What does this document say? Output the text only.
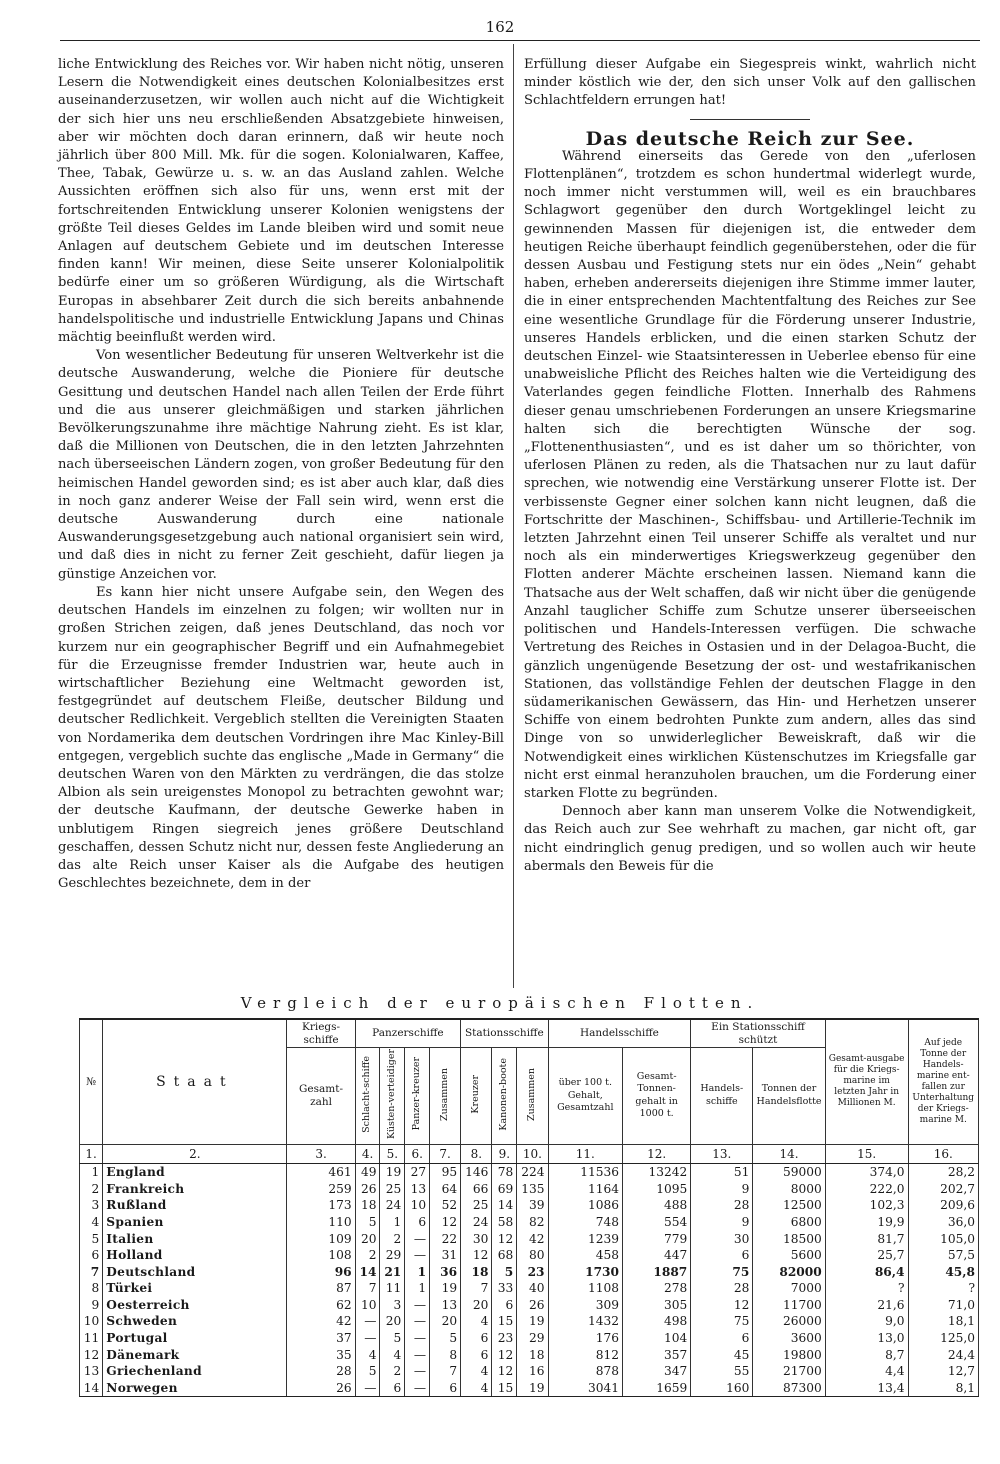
162

liche Entwicklung des Reiches vor. Wir haben nicht nötig, unseren Lesern die Notwendigkeit eines deutschen Kolonialbesitzes erst auseinanderzusetzen, wir wollen auch nicht auf die Wichtigkeit der sich hier uns neu erschließenden Absatzgebiete hinweisen, aber wir möchten doch daran erinnern, daß wir heute noch jährlich über 800 Mill. Mk. für die sogen. Kolonialwaren, Kaffee, Thee, Tabak, Gewürze u. s. w. an das Ausland zahlen. Welche Aussichten eröffnen sich also für uns, wenn erst mit der fortschreitenden Entwicklung unserer Kolonien wenigstens der größte Teil dieses Geldes im Lande bleiben wird und somit neue Anlagen auf deutschem Gebiete und im deutschen Interesse finden kann! Wir meinen, diese Seite unserer Kolonialpolitik bedürfe einer um so größeren Würdigung, als die Wirtschaft Europas in absehbarer Zeit durch die sich bereits anbahnende handelspolitische und industrielle Entwicklung Japans und Chinas mächtig beeinflußt werden wird.

Von wesentlicher Bedeutung für unseren Weltverkehr ist die deutsche Auswanderung, welche die Pioniere für deutsche Gesittung und deutschen Handel nach allen Teilen der Erde führt und die aus unserer gleichmäßigen und starken jährlichen Bevölkerungszunahme ihre mächtige Nahrung zieht. Es ist klar, daß die Millionen von Deutschen, die in den letzten Jahrzehnten nach überseeischen Ländern zogen, von großer Bedeutung für den heimischen Handel geworden sind; es ist aber auch klar, daß dies in noch ganz anderer Weise der Fall sein wird, wenn erst die deutsche Auswanderung durch eine nationale Auswanderungsgesetzgebung auch national organisiert sein wird, und daß dies in nicht zu ferner Zeit geschieht, dafür liegen ja günstige Anzeichen vor.

Es kann hier nicht unsere Aufgabe sein, den Wegen des deutschen Handels im einzelnen zu folgen; wir wollten nur in großen Strichen zeigen, daß jenes Deutschland, das noch vor kurzem nur ein geographischer Begriff und ein Aufnahmegebiet für die Erzeugnisse fremder Industrien war, heute auch in wirtschaftlicher Beziehung eine Weltmacht geworden ist, festgegründet auf deutschem Fleiße, deutscher Bildung und deutscher Redlichkeit. Vergeblich stellten die Vereinigten Staaten von Nordamerika dem deutschen Vordringen ihre Mac Kinley-Bill entgegen, vergeblich suchte das englische „Made in Germany“ die deutschen Waren von den Märkten zu verdrängen, die das stolze Albion als sein ureigenstes Monopol zu betrachten gewohnt war; der deutsche Kaufmann, der deutsche Gewerke haben in unblutigem Ringen siegreich jenes größere Deutschland geschaffen, dessen Schutz nicht nur, dessen feste Angliederung an das alte Reich unser Kaiser als die Aufgabe des heutigen Geschlechtes bezeichnete, dem in der

Erfüllung dieser Aufgabe ein Siegespreis winkt, wahrlich nicht minder köstlich wie der, den sich unser Volk auf den gallischen Schlachtfeldern errungen hat!

Das deutsche Reich zur See.

Während einerseits das Gerede von den „uferlosen Flottenplänen“, trotzdem es schon hundertmal widerlegt wurde, noch immer nicht verstummen will, weil es ein brauchbares Schlagwort gegenüber den durch Wortgeklingel leicht zu gewinnenden Massen für diejenigen ist, die entweder dem heutigen Reiche überhaupt feindlich gegenüberstehen, oder die für dessen Ausbau und Festigung stets nur ein ödes „Nein“ gehabt haben, erheben andererseits diejenigen ihre Stimme immer lauter, die in einer entsprechenden Machtentfaltung des Reiches zur See eine wesentliche Grundlage für die Förderung unserer Industrie, unseres Handels erblicken, und die einen starken Schutz der deutschen Einzel- wie Staatsinteressen in Ueberlee ebenso für eine unabweisliche Pflicht des Reiches halten wie die Verteidigung des Vaterlandes gegen feindliche Flotten. Innerhalb des Rahmens dieser genau umschriebenen Forderungen an unsere Kriegsmarine halten sich die berechtigten Wünsche der sog. „Flottenenthusiasten“, und es ist daher um so thörichter, von uferlosen Plänen zu reden, als die Thatsachen nur zu laut dafür sprechen, wie notwendig eine Verstärkung unserer Flotte ist. Der verbissenste Gegner einer solchen kann nicht leugnen, daß die Fortschritte der Maschinen-, Schiffsbau- und Artillerie-Technik im letzten Jahrzehnt einen Teil unserer Schiffe als veraltet und nur noch als ein minderwertiges Kriegswerkzeug gegenüber den Flotten anderer Mächte erscheinen lassen. Niemand kann die Thatsache aus der Welt schaffen, daß wir nicht über die genügende Anzahl tauglicher Schiffe zum Schutze unserer überseeischen politischen und Handels-Interessen verfügen. Die schwache Vertretung des Reiches in Ostasien und in der Delagoa-Bucht, die gänzlich ungenügende Besetzung der ost- und westafrikanischen Stationen, das vollständige Fehlen der deutschen Flagge in den südamerikanischen Gewässern, das Hin- und Herhetzen unserer Schiffe von einem bedrohten Punkte zum andern, alles das sind Dinge von so unwiderleglicher Beweiskraft, daß wir die Notwendigkeit eines wirklichen Küstenschutzes im Kriegsfalle gar nicht erst einmal heranzuholen brauchen, um die Forderung einer starken Flotte zu begründen.

Dennoch aber kann man unserem Volke die Notwendigkeit, das Reich auch zur See wehrhaft zu machen, gar nicht oft, gar nicht eindringlich genug predigen, und so wollen auch wir heute abermals den Beweis für die

Vergleich der europäischen Flotten.
№	Staat	Kriegs-schiffe	Panzerschiffe				Stationsschiffe			Handelsschiffe		Ein Stationsschiff schützt		Gesamt-ausgabe für die Kriegs-marine im letzten Jahr in Millionen M.	Auf jede Tonne der Handels-marine ent-fallen zur Unterhaltung der Kriegs-marine M.
		Gesamt-zahl	Schlacht-schiffe	Küsten-verteidiger	Panzer-kreuzer	Zusammen	Kreuzer	Kanonen-boote	Zusammen	über 100 t. Gehalt, Gesamtzahl	Gesamt-Tonnen-gehalt in 1000 t.	Handels-schiffe	Tonnen der Handelsflotte		
1.	2.	3.	4.	5.	6.	7.	8.	9.	10.	11.	12.	13.	14.	15.	16.
1	England	461	49	19	27	95	146	78	224	11536	13242	51	59000	374,0	28,2
2	Frankreich	259	26	25	13	64	66	69	135	1164	1095	9	8000	222,0	202,7
3	Rußland	173	18	24	10	52	25	14	39	1086	488	28	12500	102,3	209,6
4	Spanien	110	5	1	6	12	24	58	82	748	554	9	6800	19,9	36,0
5	Italien	109	20	2	—	22	30	12	42	1239	779	30	18500	81,7	105,0
6	Holland	108	2	29	—	31	12	68	80	458	447	6	5600	25,7	57,5
7	Deutschland	96	14	21	1	36	18	5	23	1730	1887	75	82000	86,4	45,8
8	Türkei	87	7	11	1	19	7	33	40	1108	278	28	7000	?	?
9	Oesterreich	62	10	3	—	13	20	6	26	309	305	12	11700	21,6	71,0
10	Schweden	42	—	20	—	20	4	15	19	1432	498	75	26000	9,0	18,1
11	Portugal	37	—	5	—	5	6	23	29	176	104	6	3600	13,0	125,0
12	Dänemark	35	4	4	—	8	6	12	18	812	357	45	19800	8,7	24,4
13	Griechenland	28	5	2	—	7	4	12	16	878	347	55	21700	4,4	12,7
14	Norwegen	26	—	6	—	6	4	15	19	3041	1659	160	87300	13,4	8,1
